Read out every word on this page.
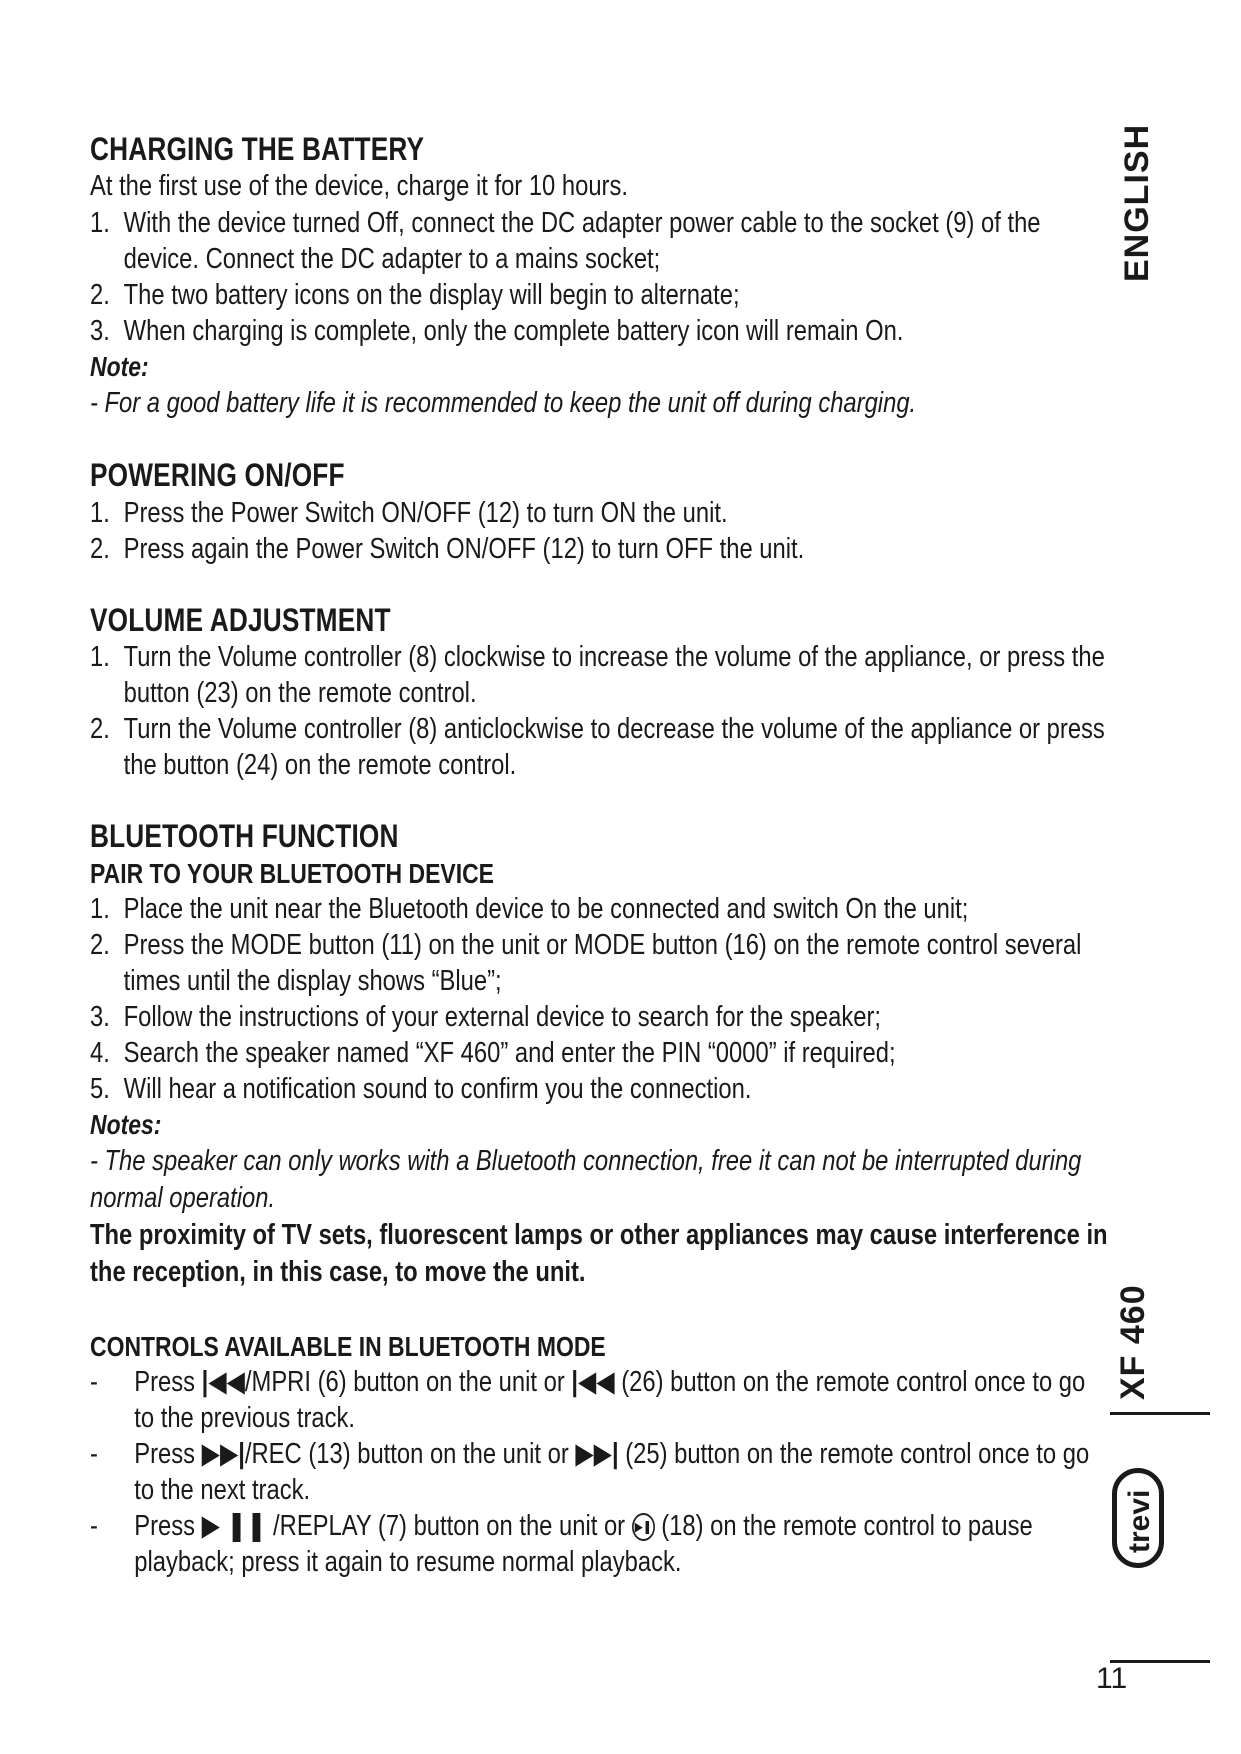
CHARGING THE BATTERY

At the first use of the device, charge it for 10 hours.

1. With the device turned Off, connect the DC adapter power cable to the socket (9) of the device. Connect the DC adapter to a mains socket;
2. The two battery icons on the display will begin to alternate;
3. When charging is complete, only the complete battery icon will remain On.
Note:

- For a good battery life it is recommended to keep the unit off during charging.

POWERING ON/OFF
1. Press the Power Switch ON/OFF (12) to turn ON the unit.
2. Press again the Power Switch ON/OFF (12) to turn OFF the unit.
VOLUME ADJUSTMENT
1. Turn the Volume controller (8) clockwise to increase the volume of the appliance, or press the button (23) on the remote control.
2. Turn the Volume controller (8) anticlockwise to decrease the volume of the appliance or press the button (24) on the remote control.
BLUETOOTH FUNCTION
PAIR TO YOUR BLUETOOTH DEVICE
1. Place the unit near the Bluetooth device to be connected and switch On the unit;
2. Press the MODE button (11) on the unit or MODE button (16) on the remote control several times until the display shows “Blue”;
3. Follow the instructions of your external device to search for the speaker;
4. Search the speaker named “XF 460” and enter the PIN “0000” if required;
5. Will hear a notification sound to confirm you the connection.
Notes:

- The speaker can only works with a Bluetooth connection, free it can not be interrupted during normal operation.

The proximity of TV sets, fluorescent lamps or other appliances may cause interference in the reception, in this case, to move the unit.

CONTROLS AVAILABLE IN BLUETOOTH MODE
- Press |◀◀/MPRI (6) button on the unit or |◀◀ (26) button on the remote control once to go to the previous track.
- Press ▶▶|/REC (13) button on the unit or ▶▶| (25) button on the remote control once to go to the next track.
- Press ▶ ❚❚ /REPLAY (7) button on the unit or ▶❚ (18) on the remote control to pause playback; press it again to resume normal playback.
ENGLISH
XF 460
trevi
11
